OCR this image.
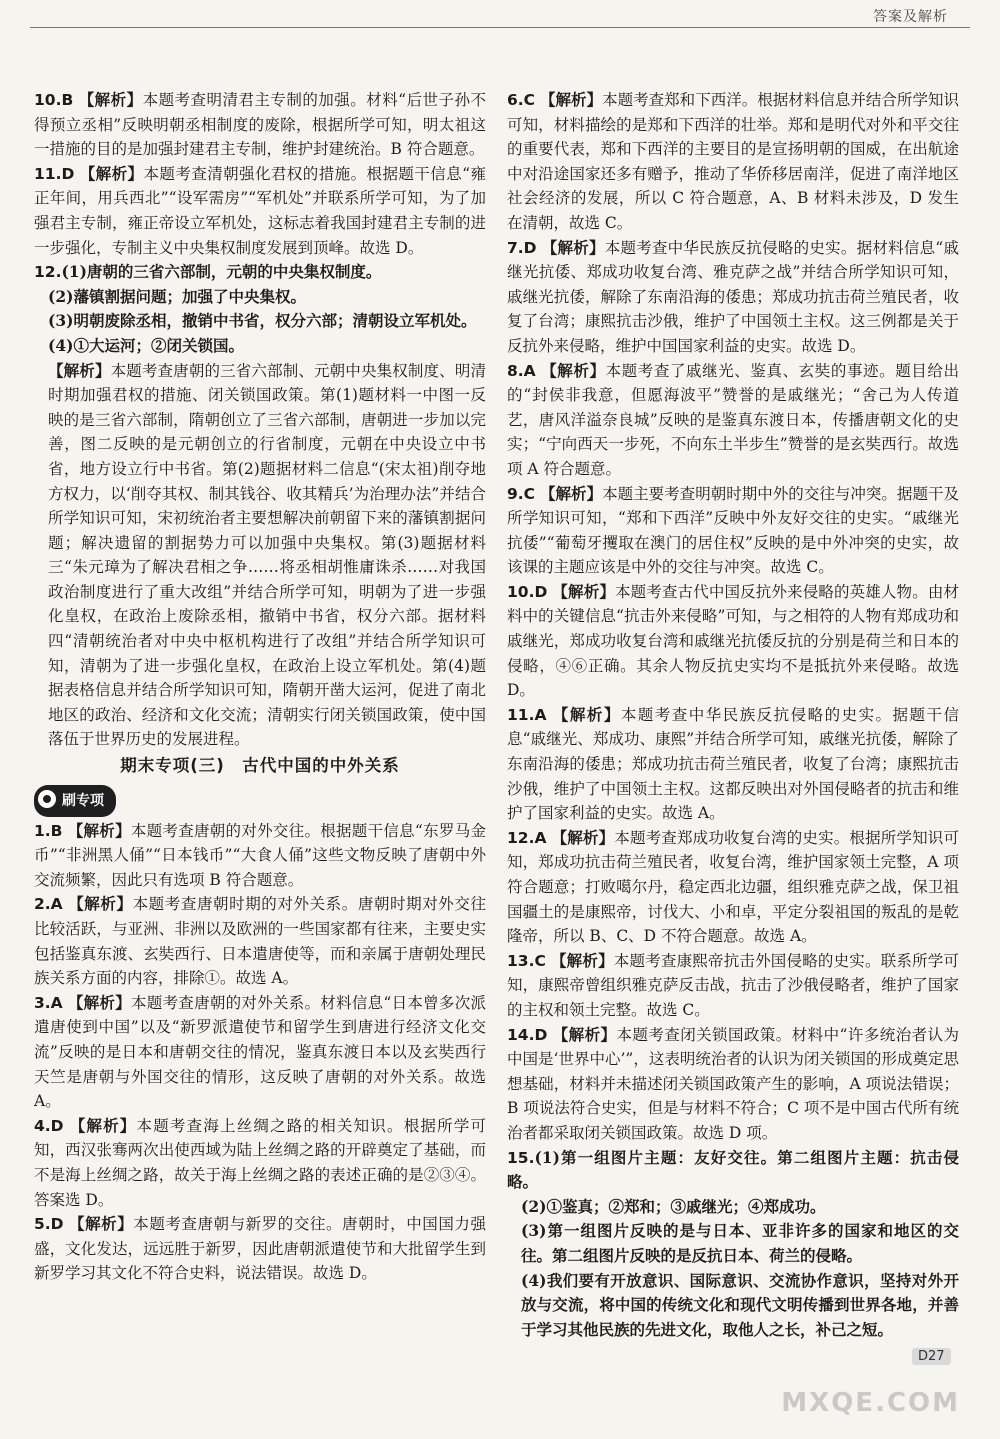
答案及解析

10.B 【解析】本题考查明清君主专制的加强。材料“后世子孙不得预立丞相”反映明朝丞相制度的废除，根据所学可知，明太祖这一措施的目的是加强封建君主专制，维护封建统治。B 符合题意。

11.D 【解析】本题考查清朝强化君权的措施。根据题干信息“雍正年间，用兵西北”“设军需房”“军机处”并联系所学可知，为了加强君主专制，雍正帝设立军机处，这标志着我国封建君主专制的进一步强化，专制主义中央集权制度发展到顶峰。故选 D。

12.(1)唐朝的三省六部制，元朝的中央集权制度。

(2)藩镇割据问题；加强了中央集权。

(3)明朝废除丞相，撤销中书省，权分六部；清朝设立军机处。

(4)①大运河；②闭关锁国。

【解析】本题考查唐朝的三省六部制、元朝中央集权制度、明清时期加强君权的措施、闭关锁国政策。第(1)题材料一中图一反映的是三省六部制，隋朝创立了三省六部制，唐朝进一步加以完善，图二反映的是元朝创立的行省制度，元朝在中央设立中书省，地方设立行中书省。第(2)题据材料二信息“(宋太祖)削夺地方权力，以‘削夺其权、制其钱谷、收其精兵’为治理办法”并结合所学知识可知，宋初统治者主要想解决前朝留下来的藩镇割据问题；解决遗留的割据势力可以加强中央集权。第(3)题据材料三“朱元璋为了解决君相之争……将丞相胡惟庸诛杀……对我国政治制度进行了重大改组”并结合所学可知，明朝为了进一步强化皇权，在政治上废除丞相，撤销中书省，权分六部。据材料四“清朝统治者对中央中枢机构进行了改组”并结合所学知识可知，清朝为了进一步强化皇权，在政治上设立军机处。第(4)题据表格信息并结合所学知识可知，隋朝开凿大运河，促进了南北地区的政治、经济和文化交流；清朝实行闭关锁国政策，使中国落伍于世界历史的发展进程。

期末专项(三)　古代中国的中外关系
刷专项

1.B 【解析】本题考查唐朝的对外交往。根据题干信息“东罗马金币”“非洲黑人俑”“日本钱币”“大食人俑”这些文物反映了唐朝中外交流频繁，因此只有选项 B 符合题意。

2.A 【解析】本题考查唐朝时期的对外关系。唐朝时期对外交往比较活跃，与亚洲、非洲以及欧洲的一些国家都有往来，主要史实包括鉴真东渡、玄奘西行、日本遣唐使等，而和亲属于唐朝处理民族关系方面的内容，排除①。故选 A。

3.A 【解析】本题考查唐朝的对外关系。材料信息“日本曾多次派遣唐使到中国”以及“新罗派遣使节和留学生到唐进行经济文化交流”反映的是日本和唐朝交往的情况，鉴真东渡日本以及玄奘西行天竺是唐朝与外国交往的情形，这反映了唐朝的对外关系。故选 A。

4.D 【解析】本题考查海上丝绸之路的相关知识。根据所学可知，西汉张骞两次出使西域为陆上丝绸之路的开辟奠定了基础，而不是海上丝绸之路，故关于海上丝绸之路的表述正确的是②③④。答案选 D。

5.D 【解析】本题考查唐朝与新罗的交往。唐朝时，中国国力强盛，文化发达，远远胜于新罗，因此唐朝派遣使节和大批留学生到新罗学习其文化不符合史料，说法错误。故选 D。

6.C 【解析】本题考查郑和下西洋。根据材料信息并结合所学知识可知，材料描绘的是郑和下西洋的壮举。郑和是明代对外和平交往的重要代表，郑和下西洋的主要目的是宣扬明朝的国威，在出航途中对沿途国家还多有赠予，推动了华侨移居南洋，促进了南洋地区社会经济的发展，所以 C 符合题意，A、B 材料未涉及，D 发生在清朝，故选 C。

7.D 【解析】本题考查中华民族反抗侵略的史实。据材料信息“戚继光抗倭、郑成功收复台湾、雅克萨之战”并结合所学知识可知，戚继光抗倭，解除了东南沿海的倭患；郑成功抗击荷兰殖民者，收复了台湾；康熙抗击沙俄，维护了中国领土主权。这三例都是关于反抗外来侵略，维护中国国家利益的史实。故选 D。

8.A 【解析】本题考查了戚继光、鉴真、玄奘的事迹。题目给出的“封侯非我意，但愿海波平”赞誉的是戚继光；“舍己为人传道艺，唐风洋溢奈良城”反映的是鉴真东渡日本，传播唐朝文化的史实；“宁向西天一步死，不向东土半步生”赞誉的是玄奘西行。故选项 A 符合题意。

9.C 【解析】本题主要考查明朝时期中外的交往与冲突。据题干及所学知识可知，“郑和下西洋”反映中外友好交往的史实。“戚继光抗倭”“葡萄牙攫取在澳门的居住权”反映的是中外冲突的史实，故该课的主题应该是中外的交往与冲突。故选 C。

10.D 【解析】本题考查古代中国反抗外来侵略的英雄人物。由材料中的关键信息“抗击外来侵略”可知，与之相符的人物有郑成功和戚继光，郑成功收复台湾和戚继光抗倭反抗的分别是荷兰和日本的侵略，④⑥正确。其余人物反抗史实均不是抵抗外来侵略。故选 D。

11.A 【解析】本题考查中华民族反抗侵略的史实。据题干信息“戚继光、郑成功、康熙”并结合所学可知，戚继光抗倭，解除了东南沿海的倭患；郑成功抗击荷兰殖民者，收复了台湾；康熙抗击沙俄，维护了中国领土主权。这都反映出对外国侵略者的抗击和维护了国家利益的史实。故选 A。

12.A 【解析】本题考查郑成功收复台湾的史实。根据所学知识可知，郑成功抗击荷兰殖民者，收复台湾，维护国家领土完整，A 项符合题意；打败噶尔丹，稳定西北边疆，组织雅克萨之战，保卫祖国疆土的是康熙帝，讨伐大、小和卓，平定分裂祖国的叛乱的是乾隆帝，所以 B、C、D 不符合题意。故选 A。

13.C 【解析】本题考查康熙帝抗击外国侵略的史实。联系所学可知，康熙帝曾组织雅克萨反击战，抗击了沙俄侵略者，维护了国家的主权和领土完整。故选 C。

14.D 【解析】本题考查闭关锁国政策。材料中“许多统治者认为中国是‘世界中心’”，这表明统治者的认识为闭关锁国的形成奠定思想基础，材料并未描述闭关锁国政策产生的影响，A 项说法错误；B 项说法符合史实，但是与材料不符合；C 项不是中国古代所有统治者都采取闭关锁国政策。故选 D 项。

15.(1)第一组图片主题：友好交往。第二组图片主题：抗击侵略。

(2)①鉴真；②郑和；③戚继光；④郑成功。

(3)第一组图片反映的是与日本、亚非许多的国家和地区的交往。第二组图片反映的是反抗日本、荷兰的侵略。

(4)我们要有开放意识、国际意识、交流协作意识，坚持对外开放与交流，将中国的传统文化和现代文明传播到世界各地，并善于学习其他民族的先进文化，取他人之长，补己之短。

D27
MXQE.COM
